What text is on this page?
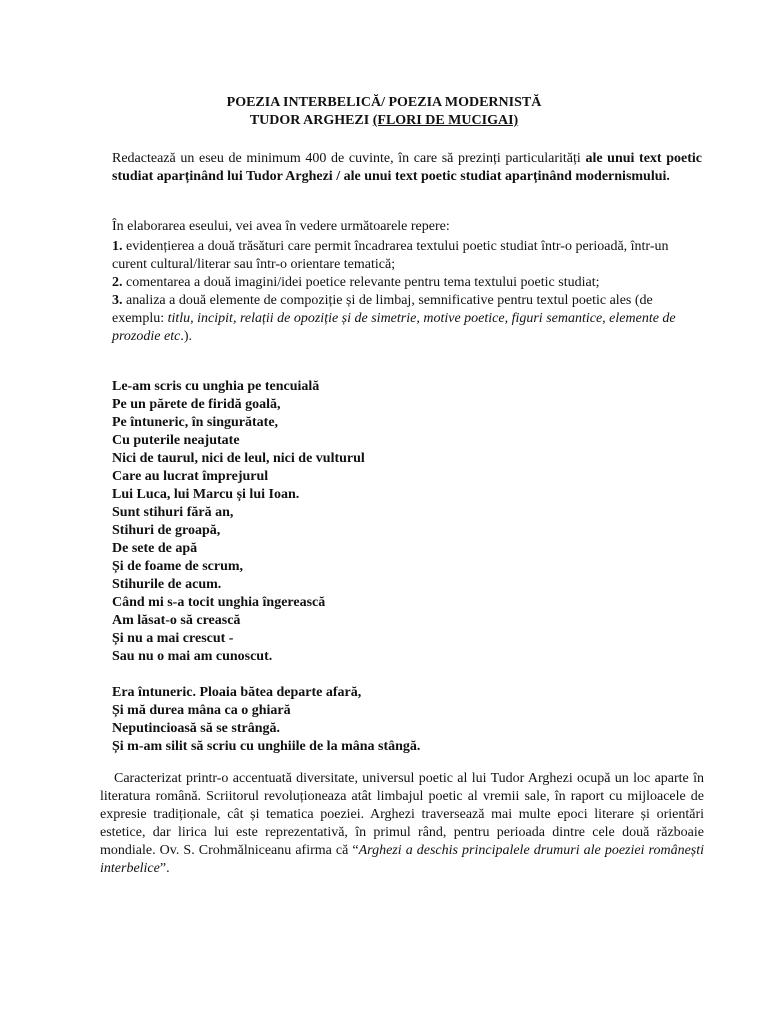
POEZIA INTERBELICĂ/ POEZIA MODERNISTĂ
TUDOR ARGHEZI (FLORI DE MUCIGAI)
Redactează un eseu de minimum 400 de cuvinte, în care să prezinți particularități ale unui text poetic studiat aparținând lui Tudor Arghezi / ale unui text poetic studiat aparținând modernismului.

În elaborarea eseului, vei avea în vedere următoarele repere:

1. evidențierea a două trăsături care permit încadrarea textului poetic studiat într-o perioadă, într-un curent cultural/literar sau într-o orientare tematică;

2. comentarea a două imagini/idei poetice relevante pentru tema textului poetic studiat;

3. analiza a două elemente de compoziție și de limbaj, semnificative pentru textul poetic ales (de exemplu: titlu, incipit, relații de opoziție și de simetrie, motive poetice, figuri semantice, elemente de prozodie etc.).

Le-am scris cu unghia pe tencuială
Pe un părete de firidă goală,
Pe întuneric, în singurătate,
Cu puterile neajutate
Nici de taurul, nici de leul, nici de vulturul
Care au lucrat împrejurul
Lui Luca, lui Marcu și lui Ioan.
Sunt stihuri fără an,
Stihuri de groapă,
De sete de apă
Și de foame de scrum,
Stihurile de acum.
Când mi s-a tocit unghia îngerească
Am lăsat-o să crească
Și nu a mai crescut -
Sau nu o mai am cunoscut.
Era întuneric. Ploaia bătea departe afară,
Și mă durea mâna ca o ghiară
Neputincioasă să se strângă.
Și m-am silit să scriu cu unghiile de la mâna stângă.
Caracterizat printr-o accentuată diversitate, universul poetic al lui Tudor Arghezi ocupă un loc aparte în literatura română. Scriitorul revoluționeaza atât limbajul poetic al vremii sale, în raport cu mijloacele de expresie tradiționale, cât și tematica poeziei. Arghezi traversează mai multe epoci literare și orientări estetice, dar lirica lui este reprezentativă, în primul rând, pentru perioada dintre cele două războaie mondiale. Ov. S. Crohmălniceanu afirma că “Arghezi a deschis principalele drumuri ale poeziei românești interbelice”.
